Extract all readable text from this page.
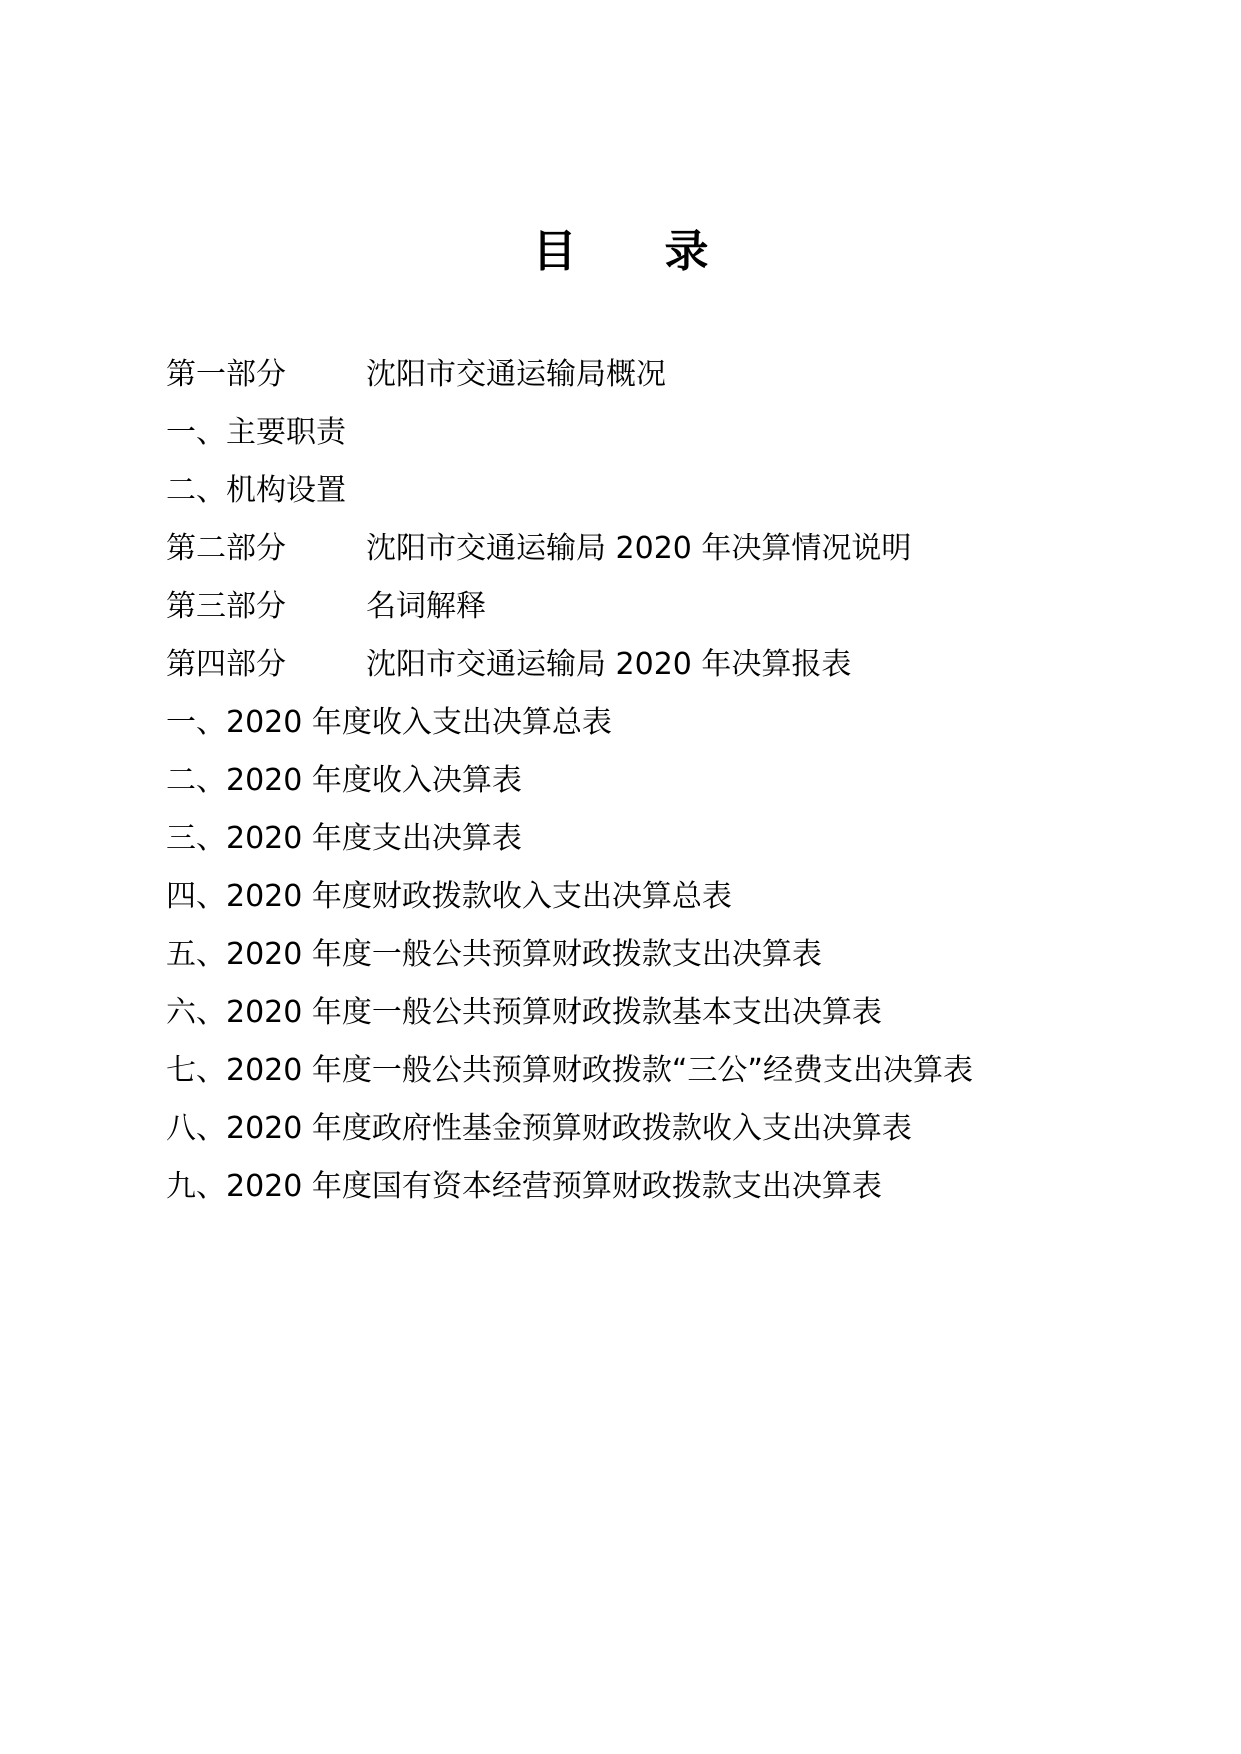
目 录
第一部分	沈阳市交通运输局概况
一、主要职责
二、机构设置
第二部分	沈阳市交通运输局 2020 年决算情况说明
第三部分	名词解释
第四部分	沈阳市交通运输局 2020 年决算报表
一、2020 年度收入支出决算总表
二、2020 年度收入决算表
三、2020 年度支出决算表
四、2020 年度财政拨款收入支出决算总表
五、2020 年度一般公共预算财政拨款支出决算表
六、2020 年度一般公共预算财政拨款基本支出决算表
七、2020 年度一般公共预算财政拨款“三公”经费支出决算表
八、2020 年度政府性基金预算财政拨款收入支出决算表
九、2020 年度国有资本经营预算财政拨款支出决算表
